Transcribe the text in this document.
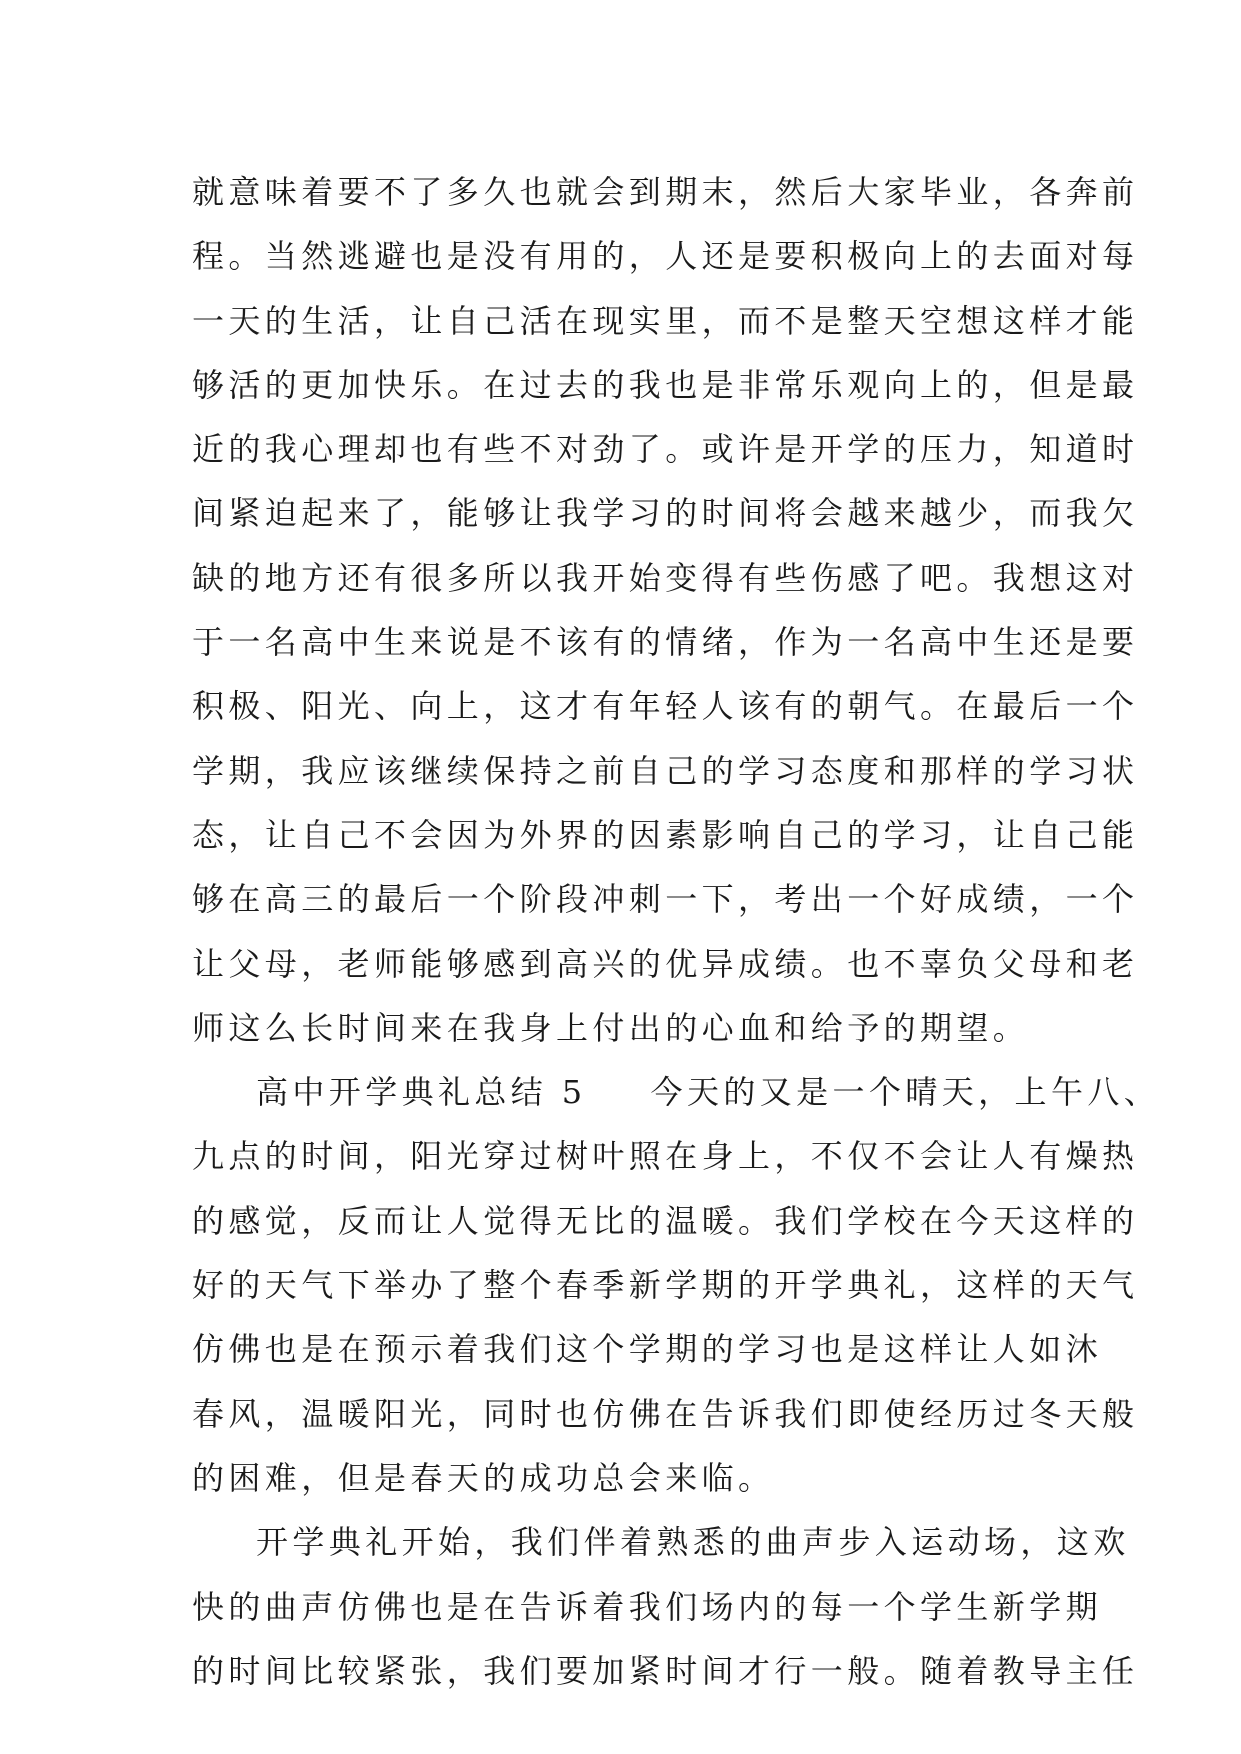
就意味着要不了多久也就会到期末，然后大家毕业，各奔前
程。当然逃避也是没有用的，人还是要积极向上的去面对每
一天的生活，让自己活在现实里，而不是整天空想这样才能
够活的更加快乐。在过去的我也是非常乐观向上的，但是最
近的我心理却也有些不对劲了。或许是开学的压力，知道时
间紧迫起来了，能够让我学习的时间将会越来越少，而我欠
缺的地方还有很多所以我开始变得有些伤感了吧。我想这对
于一名高中生来说是不该有的情绪，作为一名高中生还是要
积极、阳光、向上，这才有年轻人该有的朝气。在最后一个
学期，我应该继续保持之前自己的学习态度和那样的学习状
态，让自己不会因为外界的因素影响自己的学习，让自己能
够在高三的最后一个阶段冲刺一下，考出一个好成绩，一个
让父母，老师能够感到高兴的优异成绩。也不辜负父母和老
师这么长时间来在我身上付出的心血和给予的期望。
高中开学典礼总结 5 今天的又是一个晴天，上午八、
九点的时间，阳光穿过树叶照在身上，不仅不会让人有燥热
的感觉，反而让人觉得无比的温暖。我们学校在今天这样的
好的天气下举办了整个春季新学期的开学典礼，这样的天气
仿佛也是在预示着我们这个学期的学习也是这样让人如沐
春风，温暖阳光，同时也仿佛在告诉我们即使经历过冬天般
的困难，但是春天的成功总会来临。
开学典礼开始，我们伴着熟悉的曲声步入运动场，这欢
快的曲声仿佛也是在告诉着我们场内的每一个学生新学期
的时间比较紧张，我们要加紧时间才行一般。随着教导主任
